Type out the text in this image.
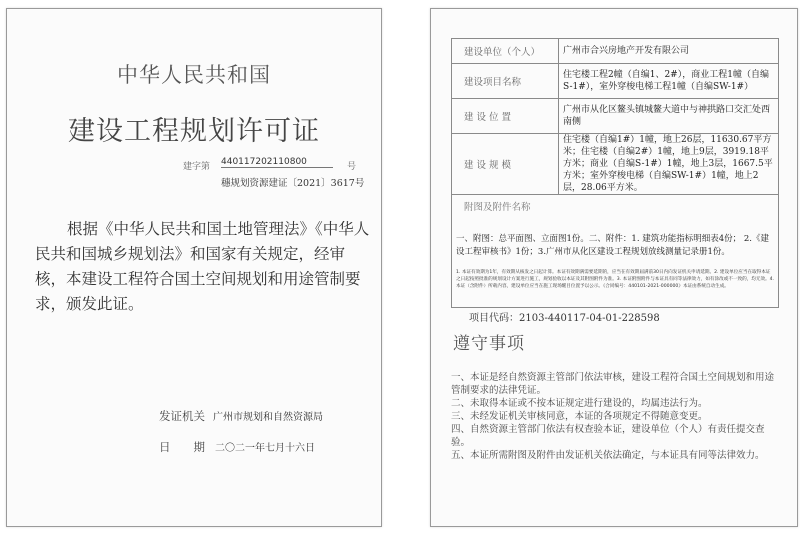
中华人民共和国
建设工程规划许可证
建字第 440117202110800	号
穗规划资源建证〔2021〕3617号
根据《中华人民共和国土地管理法》《中华人民共和国城乡规划法》和国家有关规定，经审核，本建设工程符合国土空间规划和用途管制要求，颁发此证。
发证机关 广州市规划和自然资源局
日　　期 二〇二一年七月十六日
建设单位（个人）	广州市合兴房地产开发有限公司
建设项目名称	住宅楼工程2幢（自编1、2#），商业工程1幢（自编S-1#），室外穿梭电梯工程1幢（自编SW-1#）
建 设 位 置	广州市从化区鳌头镇城鳌大道中与神拱路口交汇处西南侧
建 设 规 模	住宅楼（自编1#）1幢，地上26层，11630.67平方米；住宅楼（自编2#）1幢，地上9层，3919.18平方米；商业（自编S-1#）1幢，地上3层，1667.5平方米；室外穿梭电梯（自编SW-1#）1幢，地上2层，28.06平方米。

附图及附件名称
一、附图：总平面图、立面图1份。二、附件：1. 建筑功能指标明细表4份； 2.《建设工程审核书》1份；3.广州市从化区建设工程规划放线测量记录册1份。
1. 本证有效期为1年，有效期从核发之日起计算。本证有效期满需要延期的，应当在有效期届满前30日内向发证机关申请延期。2. 建设单位应当在取得本证之日起按照批准的规划设计方案进行施工，规划验收以本证及其附图附件为准。3. 本证附图附件与本证具有同等法律效力，如有涂改或不一致的，均无效。4. 本证（含附件）所载内容，建设单位应当在施工现场醒目位置予以公示。《合同编号：440101-2021-000000》本证由系统自动生成。	
项目代码：2103-440117-04-01-228598
遵守事项
一、本证是经自然资源主管部门依法审核，建设工程符合国土空间规划和用途管制要求的法律凭证。
二、未取得本证或不按本证规定进行建设的，均属违法行为。
三、未经发证机关审核同意，本证的各项规定不得随意变更。
四、自然资源主管部门依法有权查验本证，建设单位（个人）有责任提交查验。
五、本证所需附图及附件由发证机关依法确定，与本证具有同等法律效力。
